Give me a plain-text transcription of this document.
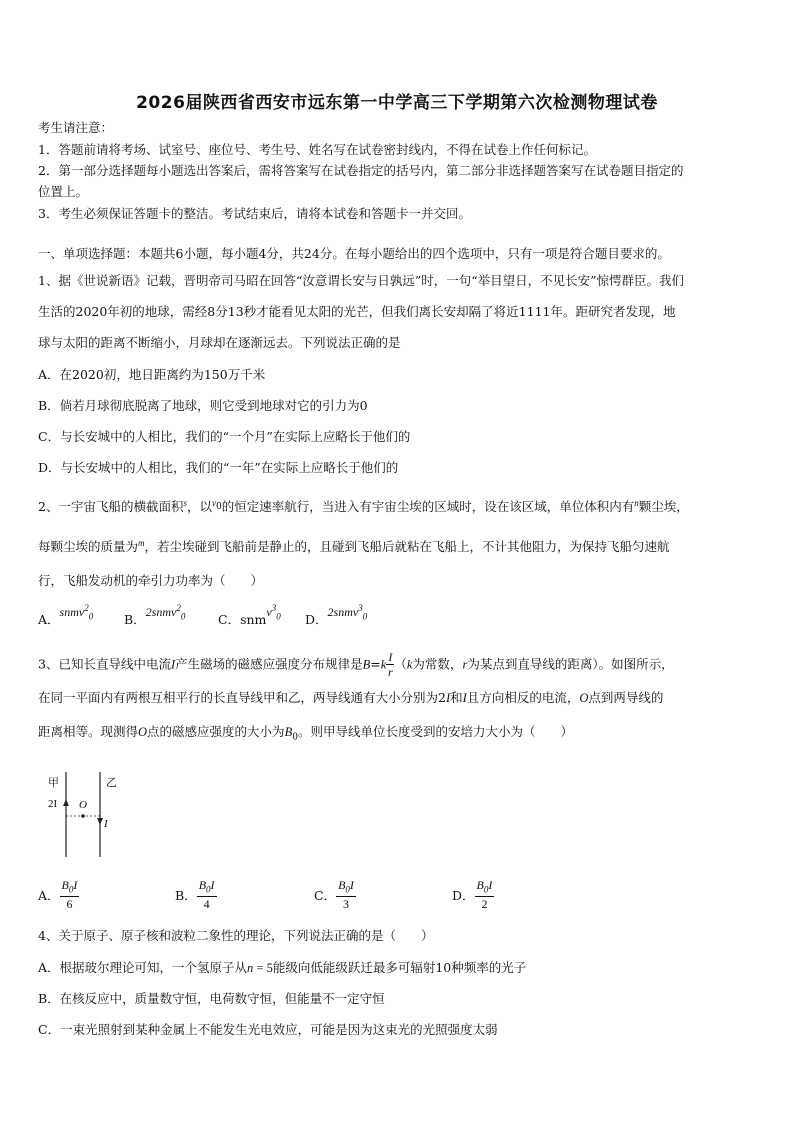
2026届陕西省西安市远东第一中学高三下学期第六次检测物理试卷
考生请注意：
1．答题前请将考场、试室号、座位号、考生号、姓名写在试卷密封线内，不得在试卷上作任何标记。
2．第一部分选择题每小题选出答案后，需将答案写在试卷指定的括号内，第二部分非选择题答案写在试卷题目指定的
位置上。
3．考生必须保证答题卡的整洁。考试结束后，请将本试卷和答题卡一并交回。
一、单项选择题：本题共6小题，每小题4分，共24分。在每小题给出的四个选项中，只有一项是符合题目要求的。
1、据《世说新语》记载，晋明帝司马昭在回答“汝意谓长安与日孰远”时，一句“举目望日，不见长安”惊愕群臣。我们
生活的2020年初的地球，需经8分13秒才能看见太阳的光芒，但我们离长安却隔了将近1111年。距研究者发现，地
球与太阳的距离不断缩小，月球却在逐渐远去。下列说法正确的是
A．在2020初，地日距离约为150万千米
B．倘若月球彻底脱离了地球，则它受到地球对它的引力为0
C．与长安城中的人相比，我们的“一个月”在实际上应略长于他们的
D．与长安城中的人相比，我们的“一年”在实际上应略长于他们的
2、一宇宙飞船的横截面积$^s$，以$^{v_0}$的恒定速率航行，当进入有宇宙尘埃的区域时，设在该区域，单位体积内有$^n$颗尘埃，
每颗尘埃的质量为$^m$，若尘埃碰到飞船前是静止的，且碰到飞船后就粘在飞船上，不计其他阻力，为保持飞船匀速航
行，飞船发动机的牵引力功率为（　　）
A．snmv$^2_0$ B．2snmv$^2_0$	C．snmv$^3_0$ D．2snmv$^3_0$
3、已知长直导线中电流I产生磁场的磁感应强度分布规律是$B=k \frac{I}{r} (k$为常数，r为某点到直导线的距离）。如图所示，
在同一平面内有两根互相平行的长直导线甲和乙，两导线通有大小分别为2I和I且方向相反的电流，O点到两导线的
距离相等。现测得O点的磁感应强度的大小为$B_0$。则甲导线单位长度受到的安培力大小为（　　）
甲	乙
2I O
I
A． $\frac{B_0I}{6}$	B． $\frac{B_0I}{4}$	C． $\frac{B_0I}{3}$	D． $\frac{B_0I}{2}$
4、关于原子、原子核和波粒二象性的理论，下列说法正确的是（　　）
A．根据玻尔理论可知，一个氢原子从n = 5能级向低能级跃迁最多可辐射10种频率的光子
B．在核反应中，质量数守恒，电荷数守恒，但能量不一定守恒
C．一束光照射到某种金属上不能发生光电效应，可能是因为这束光的光照强度太弱
